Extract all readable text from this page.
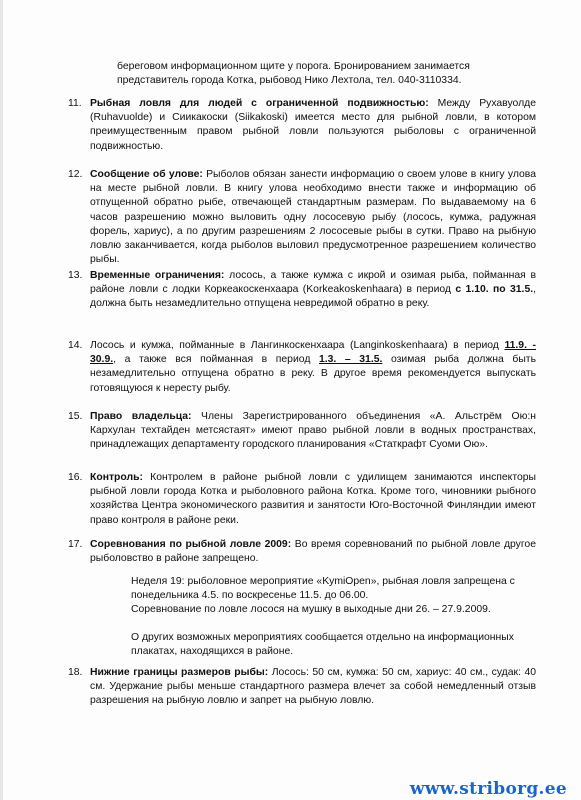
береговом информационном щите у порога. Бронированием занимается
представитель города Котка, рыбовод Нико Лехтола, тел. 040-3110334.
11. Рыбная ловля для людей с ограниченной подвижностью: Между Рухавуолде (Ruhavuolde) и Сиикакоски (Siikakoski) имеется место для рыбной ловли, в котором преимущественным правом рыбной ловли пользуются рыболовы с ограниченной подвижностью.
12. Сообщение об улове: Рыболов обязан занести информацию о своем улове в книгу улова на месте рыбной ловли. В книгу улова необходимо внести также и информацию об отпущенной обратно рыбе, отвечающей стандартным размерам. По выдаваемому на 6 часов разрешению можно выловить одну лососевую рыбу (лосось, кумжа, радужная форель, хариус), а по другим разрешениям 2 лососевые рыбы в сутки. Право на рыбную ловлю заканчивается, когда рыболов выловил предусмотренное разрешением количество рыбы.
13. Временные ограничения: лосось, а также кумжа с икрой и озимая рыба, пойманная в районе ловли с лодки Коркеакоскенхаара (Korkeakoskenhaara) в период с 1.10. по 31.5., должна быть незамедлительно отпущена невредимой обратно в реку.
14. Лосось и кумжа, пойманные в Лангинкоскенхаара (Langinkoskenhaara) в период 11.9. - 30.9., а также вся пойманная в период 1.3. – 31.5. озимая рыба должна быть незамедлительно отпущена обратно в реку. В другое время рекомендуется выпускать готовящуюся к нересту рыбу.
15. Право владельца: Члены Зарегистрированного объединения «А. Альстрём Ою:н Кархулан техтайден метсястаят» имеют право рыбной ловли в водных пространствах, принадлежащих департаменту городского планирования «Статкрафт Суоми Ою».
16. Контроль: Контролем в районе рыбной ловли с удилищем занимаются инспекторы рыбной ловли города Котка и рыболовного района Котка. Кроме того, чиновники рыбного хозяйства Центра экономического развития и занятости Юго-Восточной Финляндии имеют право контроля в районе реки.
17. Соревнования по рыбной ловле 2009: Во время соревнований по рыбной ловле другое рыболовство в районе запрещено.
Неделя 19: рыболовное мероприятие «KymiOpen», рыбная ловля запрещена с понедельника 4.5. по воскресенье 11.5. до 06.00.
Соревнование по ловле лосося на мушку в выходные дни 26. – 27.9.2009.
О других возможных мероприятиях сообщается отдельно на информационных плакатах, находящихся в районе.
18. Нижние границы размеров рыбы: Лосось: 50 см, кумжа: 50 см, хариус: 40 см., судак: 40 см. Удержание рыбы меньше стандартного размера влечет за собой немедленный отзыв разрешения на рыбную ловлю и запрет на рыбную ловлю.
www.striborg.ee
